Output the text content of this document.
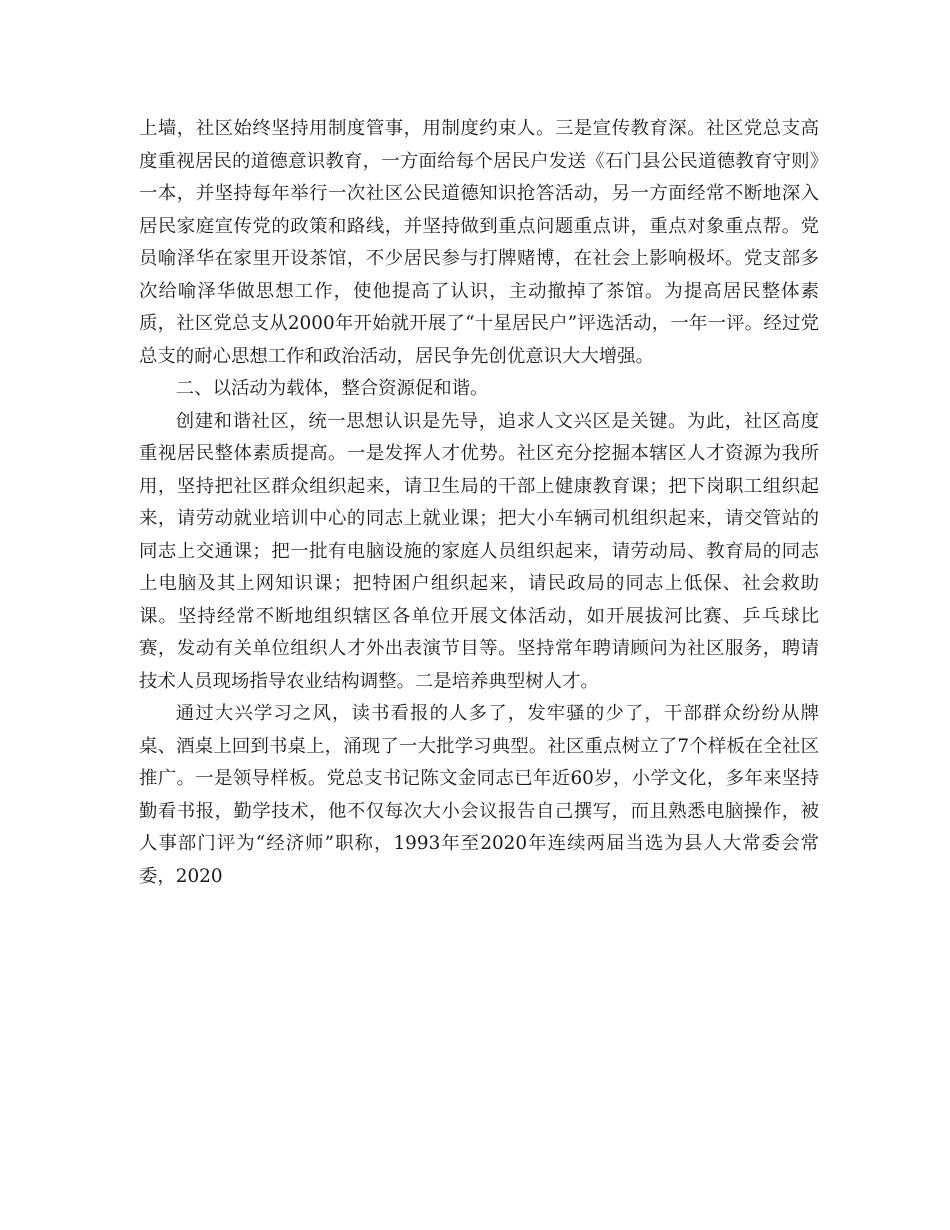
上墙，社区始终坚持用制度管事，用制度约束人。三是宣传教育深。社区党总支高度重视居民的道德意识教育，一方面给每个居民户发送《石门县公民道德教育守则》一本，并坚持每年举行一次社区公民道德知识抢答活动，另一方面经常不断地深入居民家庭宣传党的政策和路线，并坚持做到重点问题重点讲，重点对象重点帮。党员喻泽华在家里开设茶馆，不少居民参与打牌赌博，在社会上影响极坏。党支部多次给喻泽华做思想工作，使他提高了认识，主动撤掉了茶馆。为提高居民整体素质，社区党总支从2000年开始就开展了“十星居民户”评选活动，一年一评。经过党总支的耐心思想工作和政治活动，居民争先创优意识大大增强。

二、以活动为载体，整合资源促和谐。

创建和谐社区，统一思想认识是先导，追求人文兴区是关键。为此，社区高度重视居民整体素质提高。一是发挥人才优势。社区充分挖掘本辖区人才资源为我所用，坚持把社区群众组织起来，请卫生局的干部上健康教育课；把下岗职工组织起来，请劳动就业培训中心的同志上就业课；把大小车辆司机组织起来，请交管站的同志上交通课；把一批有电脑设施的家庭人员组织起来，请劳动局、教育局的同志上电脑及其上网知识课；把特困户组织起来，请民政局的同志上低保、社会救助课。坚持经常不断地组织辖区各单位开展文体活动，如开展拔河比赛、乒乓球比赛，发动有关单位组织人才外出表演节目等。坚持常年聘请顾问为社区服务，聘请技术人员现场指导农业结构调整。二是培养典型树人才。

通过大兴学习之风，读书看报的人多了，发牢骚的少了，干部群众纷纷从牌桌、酒桌上回到书桌上，涌现了一大批学习典型。社区重点树立了7个样板在全社区推广。一是领导样板。党总支书记陈文金同志已年近60岁，小学文化，多年来坚持勤看书报，勤学技术，他不仅每次大小会议报告自己撰写，而且熟悉电脑操作，被人事部门评为“经济师”职称，1993年至2020年连续两届当选为县人大常委会常委，2020
